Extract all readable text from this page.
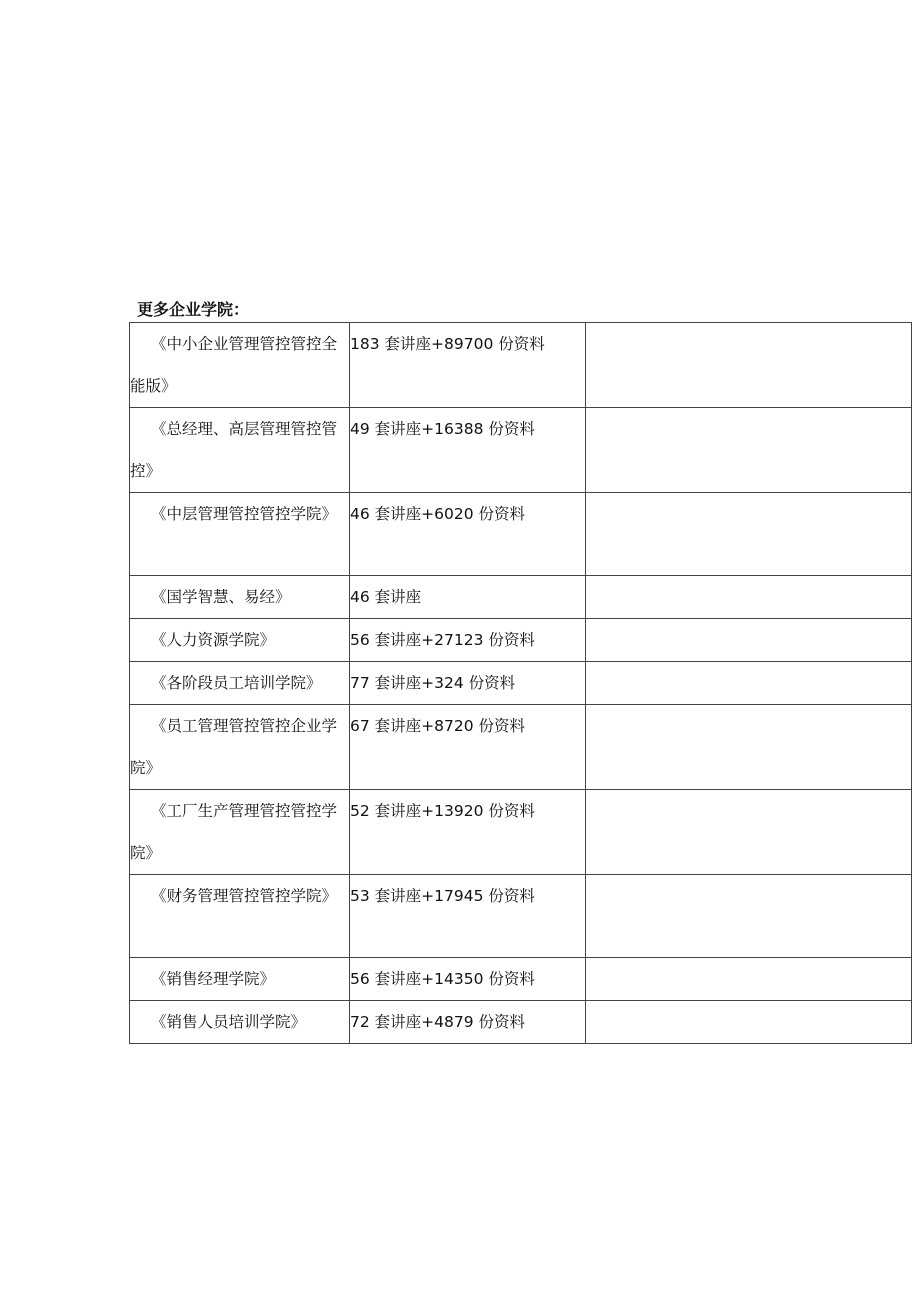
更多企业学院：
《中小企业管理管控管控全能版》	183 套讲座+89700 份资料	
《总经理、高层管理管控管控》	49 套讲座+16388 份资料	
《中层管理管控管控学院》	46 套讲座+6020 份资料	
《国学智慧、易经》	46 套讲座	
《人力资源学院》	56 套讲座+27123 份资料	
《各阶段员工培训学院》	77 套讲座+324 份资料	
《员工管理管控管控企业学院》	67 套讲座+8720 份资料	
《工厂生产管理管控管控学院》	52 套讲座+13920 份资料	
《财务管理管控管控学院》	53 套讲座+17945 份资料	
《销售经理学院》	56 套讲座+14350 份资料	
《销售人员培训学院》	72 套讲座+4879 份资料	
